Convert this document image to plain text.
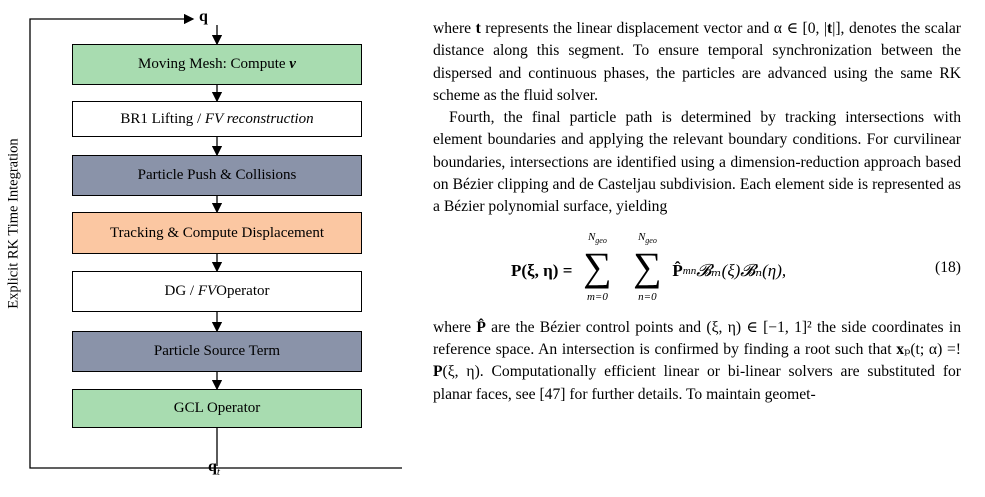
q
$q_t$
Explicit RK Time Integration
Moving Mesh: Compute
ν
BR1 Lifting /
FV reconstruction
Particle Push & Collisions
Tracking & Compute Displacement
DG /
FV Operator
Particle Source Term
GCL Operator

where t represents the linear displacement vector and α ∈ [0, |t|], denotes the scalar distance along this segment. To ensure temporal synchronization between the dispersed and continuous phases, the particles are advanced using the same RK scheme as the fluid solver.

Fourth, the final particle path is determined by tracking intersections with element boundaries and applying the relevant boundary conditions. For curvilinear boundaries, intersections are identified using a dimension-reduction approach based on Bézier clipping and de Casteljau subdivision. Each element side is represented as a Bézier polynomial surface, yielding

P(ξ, η) =
$N_{geo}$
∑
m=0
$N_{geo}$
∑
n=0
P̂ mn 𝓑ₘ(ξ)𝓑ₙ(η),	(18)

where P̂ are the Bézier control points and (ξ, η) ∈ [−1, 1]² the side coordinates in reference space. An intersection is confirmed by finding a root such that xₚ(t; α) =! P(ξ, η). Computationally efficient linear or bi-linear solvers are substituted for planar faces, see [47] for further details. To maintain geomet-
